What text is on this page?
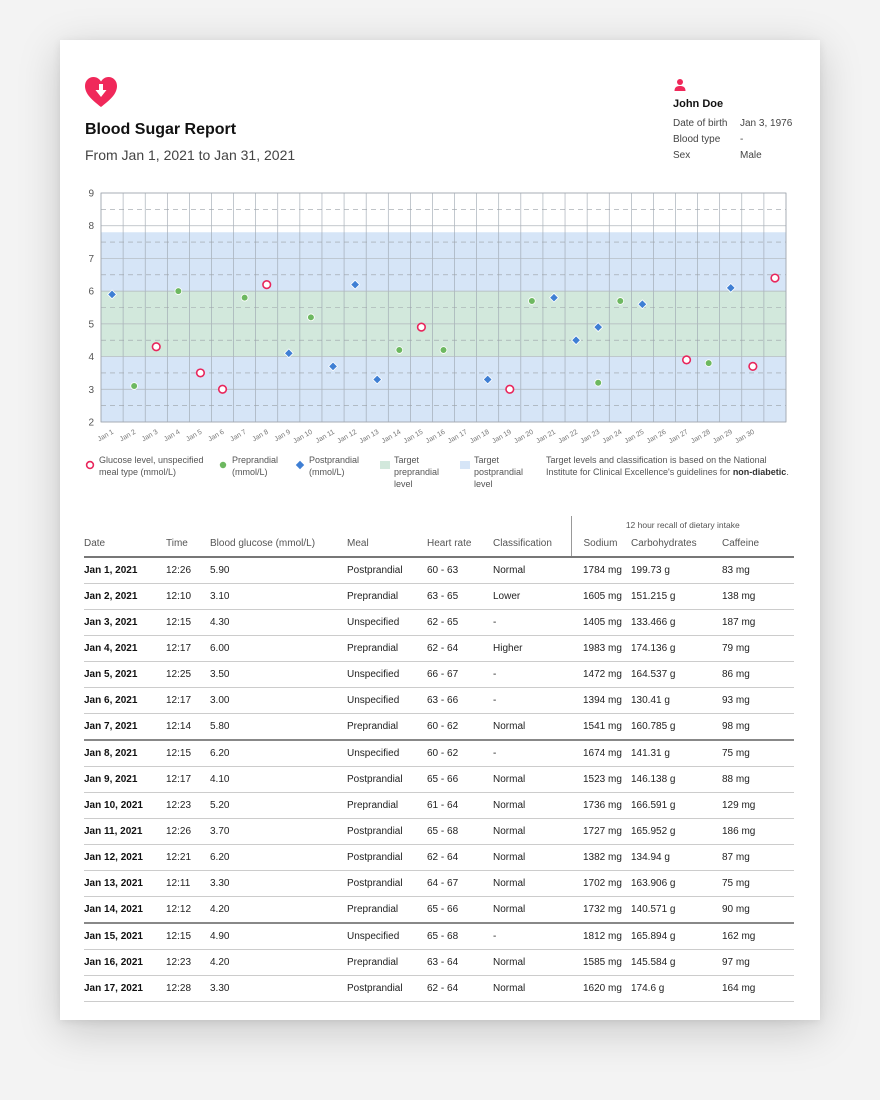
Blood Sugar Report
From Jan 1, 2021 to Jan 31, 2021
John Doe
Date of birth	Jan 3, 1976
Blood type	-
Sex	Male
2
3
4
5
6
7
8
9
Jan 1 Jan 2 Jan 3 Jan 4 Jan 5 Jan 6 Jan 7 Jan 8 Jan 9 Jan 10 Jan 11 Jan 12 Jan 13 Jan 14 Jan 15 Jan 16 Jan 17 Jan 18 Jan 19 Jan 20 Jan 21 Jan 22 Jan 23 Jan 24 Jan 25 Jan 26 Jan 27 Jan 28 Jan 29 Jan 30
Glucose level, unspecified meal type (mmol/L)
Preprandial (mmol/L)
Postprandial (mmol/L)
Target preprandial level
Target postprandial level
Target levels and classification is based on the National Institute for Clinical Excellence's guidelines for non-diabetic.
						12 hour recall of dietary intake		
Date	Time	Blood glucose (mmol/L)	Meal	Heart rate	Classification	Sodium	Carbohydrates	Caffeine
Jan 1, 2021	12:26	5.90	Postprandial	60 - 63	Normal	1784 mg	199.73 g	83 mg
Jan 2, 2021	12:10	3.10	Preprandial	63 - 65	Lower	1605 mg	151.215 g	138 mg
Jan 3, 2021	12:15	4.30	Unspecified	62 - 65	-	1405 mg	133.466 g	187 mg
Jan 4, 2021	12:17	6.00	Preprandial	62 - 64	Higher	1983 mg	174.136 g	79 mg
Jan 5, 2021	12:25	3.50	Unspecified	66 - 67	-	1472 mg	164.537 g	86 mg
Jan 6, 2021	12:17	3.00	Unspecified	63 - 66	-	1394 mg	130.41 g	93 mg
Jan 7, 2021	12:14	5.80	Preprandial	60 - 62	Normal	1541 mg	160.785 g	98 mg
Jan 8, 2021	12:15	6.20	Unspecified	60 - 62	-	1674 mg	141.31 g	75 mg
Jan 9, 2021	12:17	4.10	Postprandial	65 - 66	Normal	1523 mg	146.138 g	88 mg
Jan 10, 2021	12:23	5.20	Preprandial	61 - 64	Normal	1736 mg	166.591 g	129 mg
Jan 11, 2021	12:26	3.70	Postprandial	65 - 68	Normal	1727 mg	165.952 g	186 mg
Jan 12, 2021	12:21	6.20	Postprandial	62 - 64	Normal	1382 mg	134.94 g	87 mg
Jan 13, 2021	12:11	3.30	Postprandial	64 - 67	Normal	1702 mg	163.906 g	75 mg
Jan 14, 2021	12:12	4.20	Preprandial	65 - 66	Normal	1732 mg	140.571 g	90 mg
Jan 15, 2021	12:15	4.90	Unspecified	65 - 68	-	1812 mg	165.894 g	162 mg
Jan 16, 2021	12:23	4.20	Preprandial	63 - 64	Normal	1585 mg	145.584 g	97 mg
Jan 17, 2021	12:28	3.30	Postprandial	62 - 64	Normal	1620 mg	174.6 g	164 mg
